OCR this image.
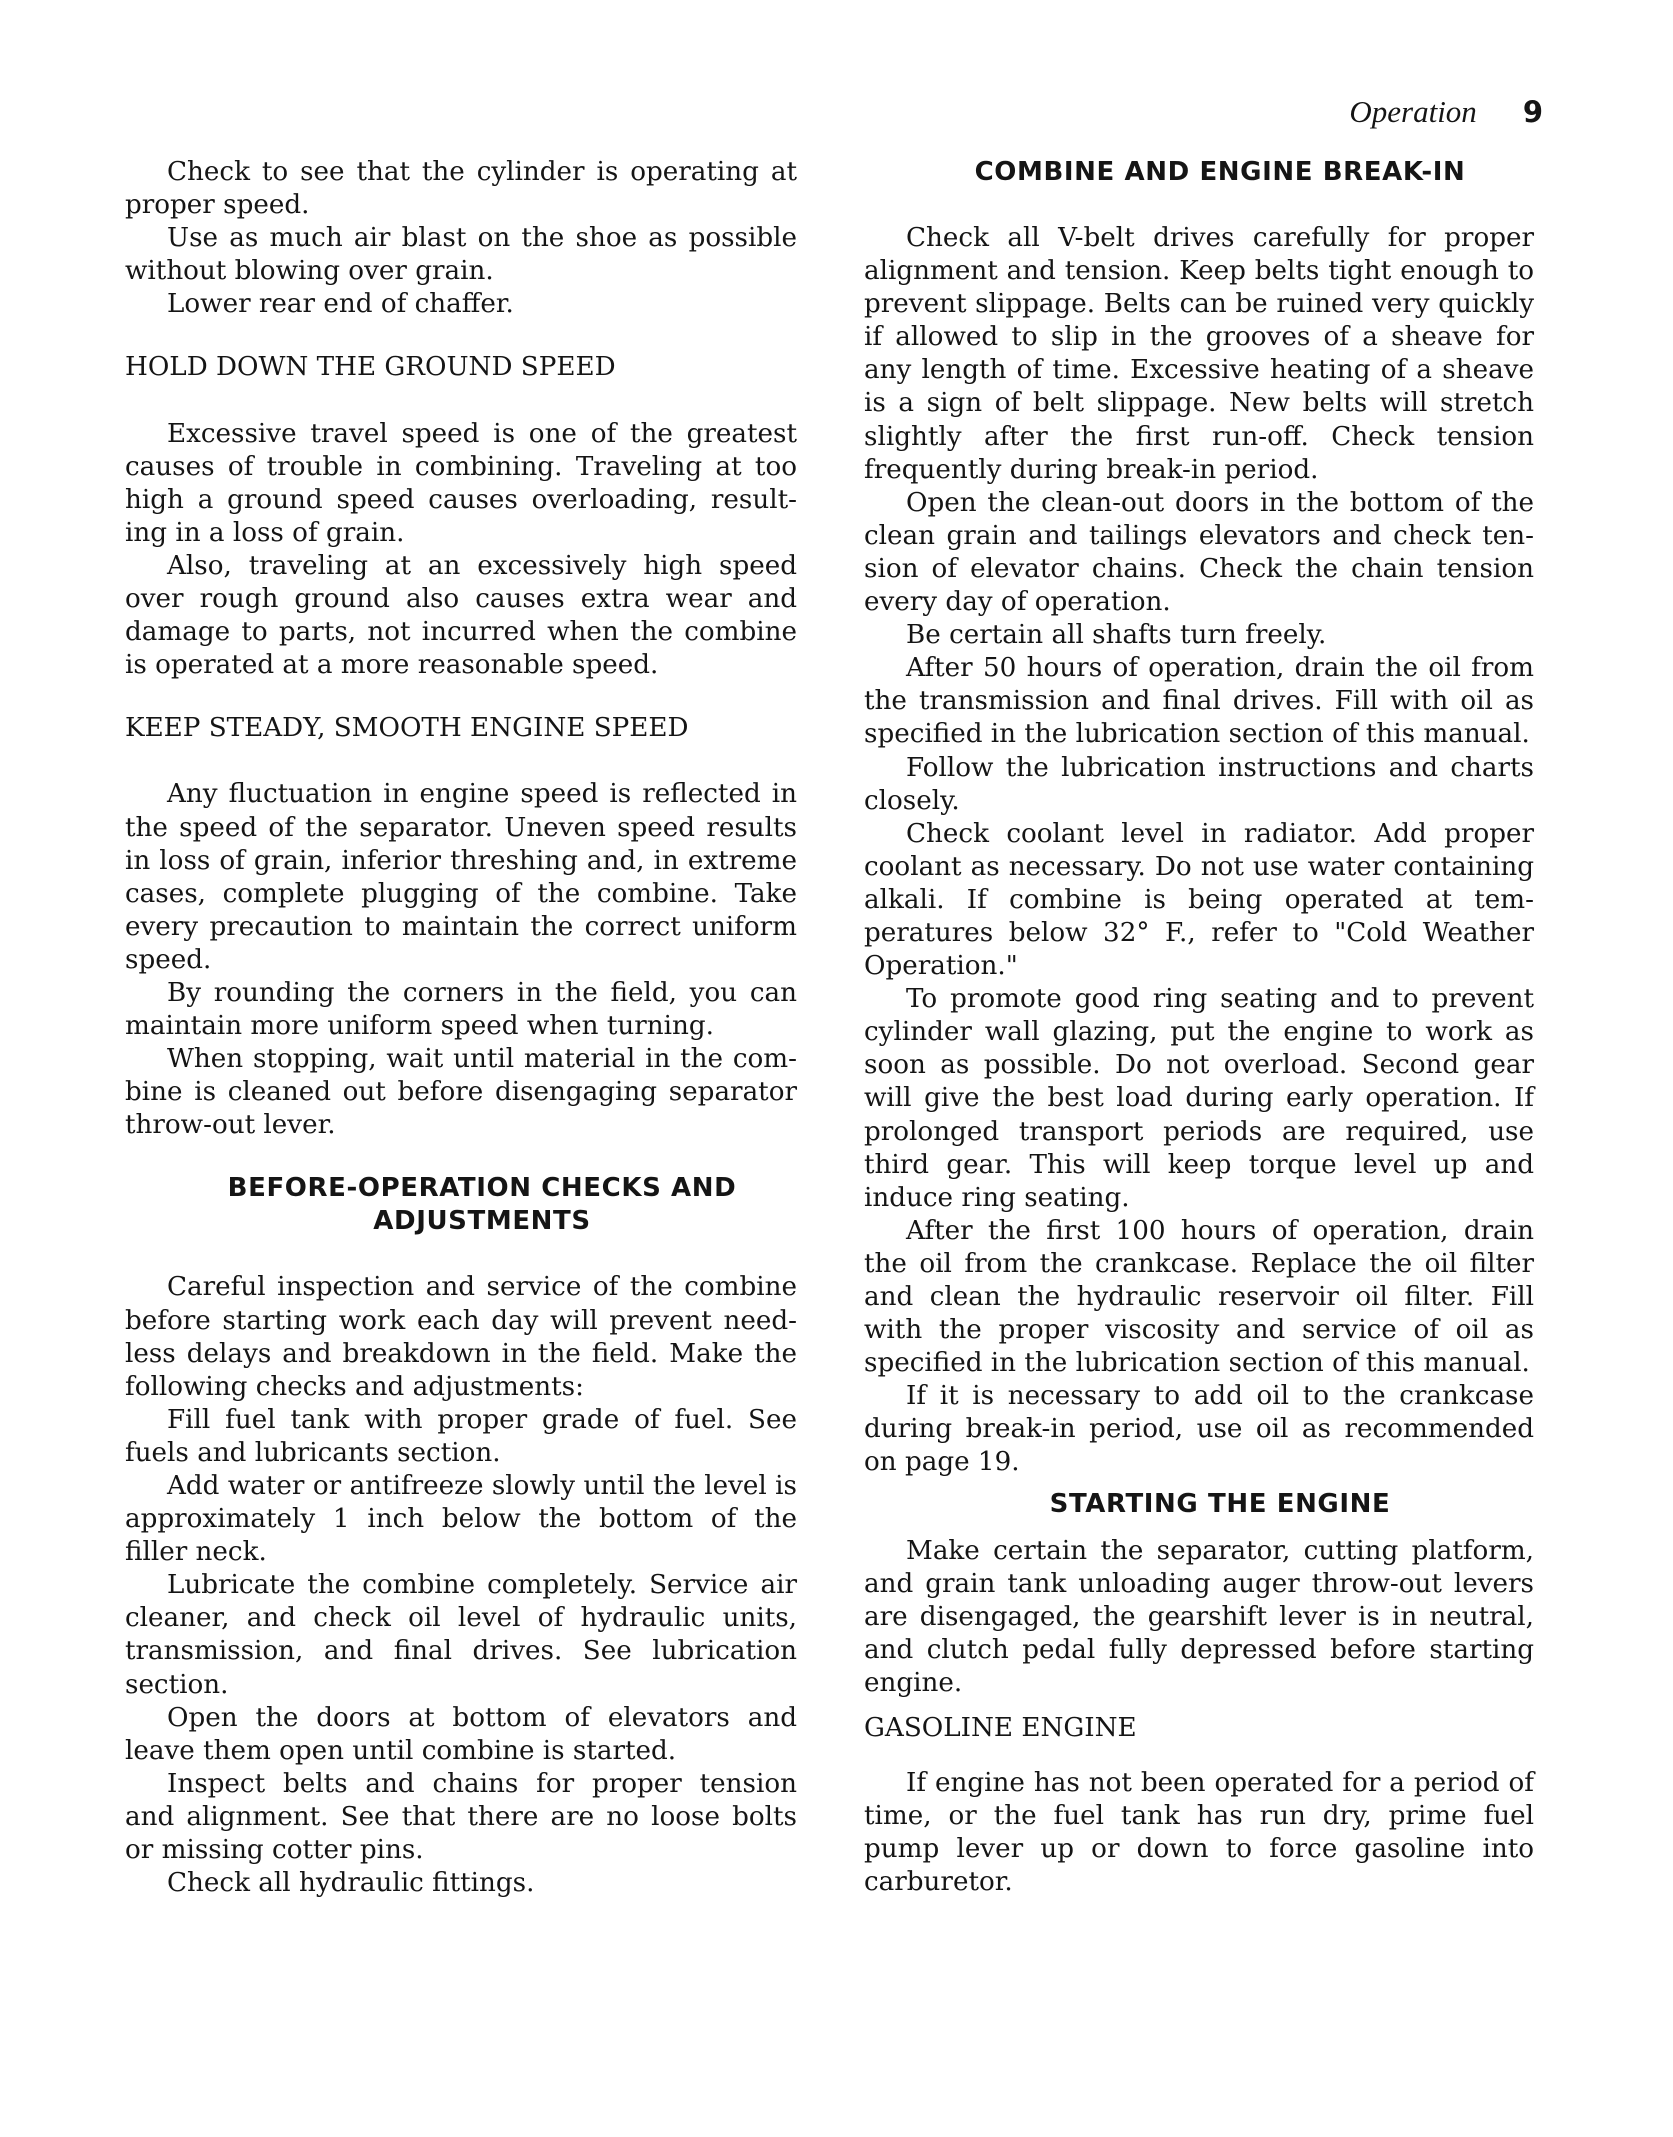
Operation 9

Check to see that the cylinder is operating at proper speed.

Use as much air blast on the shoe as possible without blowing over grain.

Lower rear end of chaffer.

HOLD DOWN THE GROUND SPEED

Excessive travel speed is one of the greatest causes of trouble in combining. Traveling at too high a ground speed causes overloading, resulting in a loss of grain.

Also, traveling at an excessively high speed over rough ground also causes extra wear and damage to parts, not incurred when the combine is operated at a more reasonable speed.

KEEP STEADY, SMOOTH ENGINE SPEED

Any fluctuation in engine speed is reflected in the speed of the separator. Uneven speed results in loss of grain, inferior threshing and, in extreme cases, complete plugging of the combine. Take every precaution to maintain the correct uniform speed.

By rounding the corners in the field, you can maintain more uniform speed when turning.

When stopping, wait until material in the combine is cleaned out before disengaging separator throw-out lever.

BEFORE-OPERATION CHECKS AND

ADJUSTMENTS

Careful inspection and service of the combine before starting work each day will prevent needless delays and breakdown in the field. Make the following checks and adjustments:

Fill fuel tank with proper grade of fuel. See fuels and lubricants section.

Add water or antifreeze slowly until the level is approximately 1 inch below the bottom of the filler neck.

Lubricate the combine completely. Service air cleaner, and check oil level of hydraulic units, transmission, and final drives. See lubrication section.

Open the doors at bottom of elevators and leave them open until combine is started.

Inspect belts and chains for proper tension and alignment. See that there are no loose bolts or missing cotter pins.

Check all hydraulic fittings.

COMBINE AND ENGINE BREAK-IN

Check all V-belt drives carefully for proper alignment and tension. Keep belts tight enough to prevent slippage. Belts can be ruined very quickly if allowed to slip in the grooves of a sheave for any length of time. Excessive heating of a sheave is a sign of belt slippage. New belts will stretch slightly after the first run-off. Check tension frequently during break-in period.

Open the clean-out doors in the bottom of the clean grain and tailings elevators and check tension of elevator chains. Check the chain tension every day of operation.

Be certain all shafts turn freely.

After 50 hours of operation, drain the oil from the transmission and final drives. Fill with oil as specified in the lubrication section of this manual.

Follow the lubrication instructions and charts closely.

Check coolant level in radiator. Add proper coolant as necessary. Do not use water containing alkali. If combine is being operated at temperatures below 32° F., refer to "Cold Weather Operation."

To promote good ring seating and to prevent cylinder wall glazing, put the engine to work as soon as possible. Do not overload. Second gear will give the best load during early operation. If prolonged transport periods are required, use third gear. This will keep torque level up and induce ring seating.

After the first 100 hours of operation, drain the oil from the crankcase. Replace the oil filter and clean the hydraulic reservoir oil filter. Fill with the proper viscosity and service of oil as specified in the lubrication section of this manual.

If it is necessary to add oil to the crankcase during break-in period, use oil as recommended on page 19.

STARTING THE ENGINE

Make certain the separator, cutting platform, and grain tank unloading auger throw-out levers are disengaged, the gearshift lever is in neutral, and clutch pedal fully depressed before starting engine.

GASOLINE ENGINE

If engine has not been operated for a period of time, or the fuel tank has run dry, prime fuel pump lever up or down to force gasoline into carburetor.
